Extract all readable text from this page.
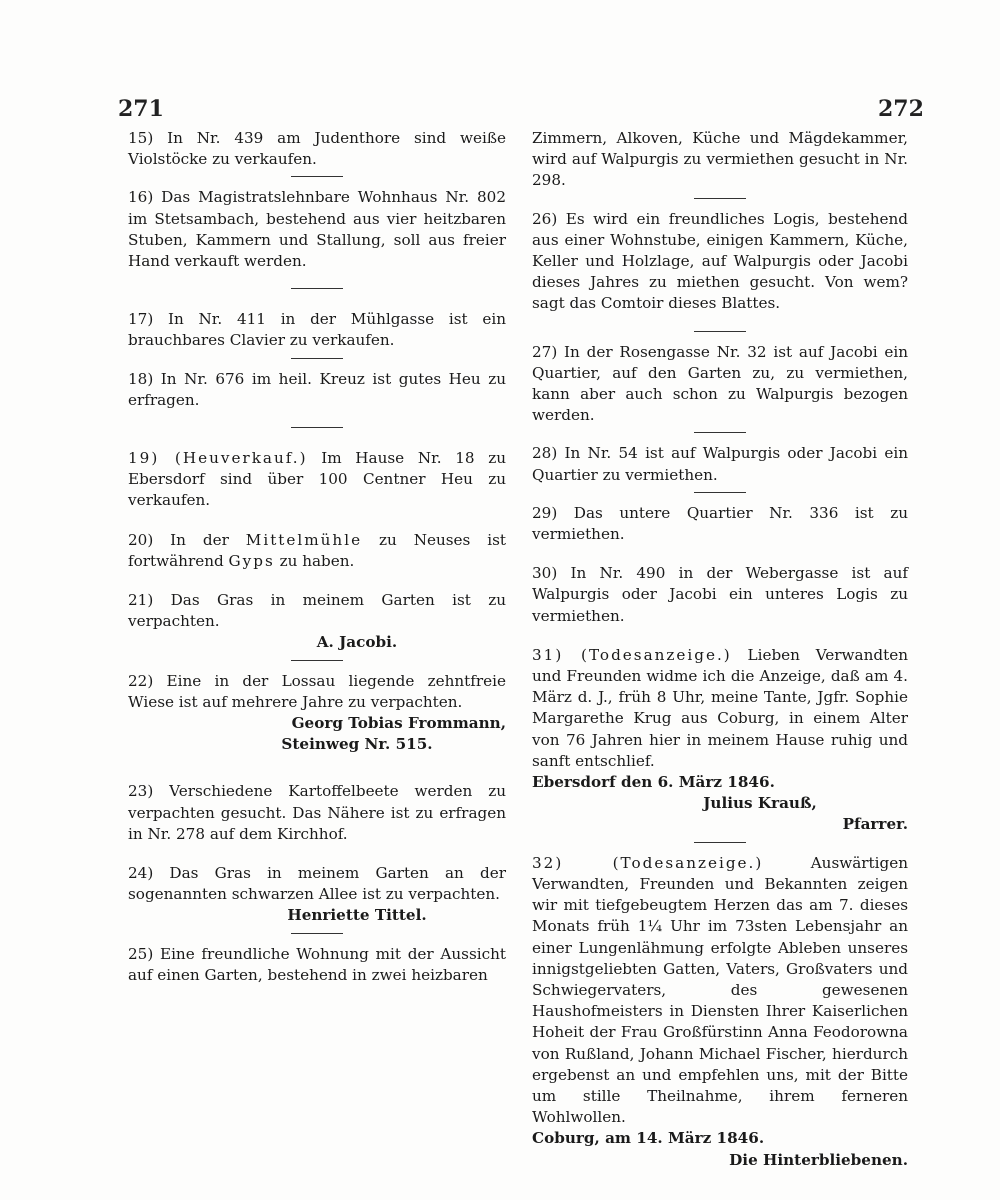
271	272

15) In Nr. 439 am Judenthore sind weiße Violstöcke zu verkaufen.

16) Das Magistratslehnbare Wohnhaus Nr. 802 im Stetsambach, bestehend aus vier heitzbaren Stuben, Kammern und Stallung, soll aus freier Hand verkauft werden.

17) In Nr. 411 in der Mühlgasse ist ein brauchbares Clavier zu verkaufen.

18) In Nr. 676 im heil. Kreuz ist gutes Heu zu erfragen.

19) (Heuverkauf.) Im Hause Nr. 18 zu Ebersdorf sind über 100 Centner Heu zu verkaufen.

20) In der Mittelmühle zu Neuses ist fortwährend Gyps zu haben.

21) Das Gras in meinem Garten ist zu verpachten.

A. Jacobi.

22) Eine in der Lossau liegende zehntfreie Wiese ist auf mehrere Jahre zu verpachten.

Georg Tobias Frommann,

Steinweg Nr. 515.

23) Verschiedene Kartoffelbeete werden zu verpachten gesucht. Das Nähere ist zu erfragen in Nr. 278 auf dem Kirchhof.

24) Das Gras in meinem Garten an der sogenannten schwarzen Allee ist zu verpachten.

Henriette Tittel.

25) Eine freundliche Wohnung mit der Aussicht auf einen Garten, bestehend in zwei heizbaren

Zimmern, Alkoven, Küche und Mägdekammer, wird auf Walpurgis zu vermiethen gesucht in Nr. 298.

26) Es wird ein freundliches Logis, bestehend aus einer Wohnstube, einigen Kammern, Küche, Keller und Holzlage, auf Walpurgis oder Jacobi dieses Jahres zu miethen gesucht. Von wem? sagt das Comtoir dieses Blattes.

27) In der Rosengasse Nr. 32 ist auf Jacobi ein Quartier, auf den Garten zu, zu vermiethen, kann aber auch schon zu Walpurgis bezogen werden.

28) In Nr. 54 ist auf Walpurgis oder Jacobi ein Quartier zu vermiethen.

29) Das untere Quartier Nr. 336 ist zu vermiethen.

30) In Nr. 490 in der Webergasse ist auf Walpurgis oder Jacobi ein unteres Logis zu vermiethen.

31) (Todesanzeige.) Lieben Verwandten und Freunden widme ich die Anzeige, daß am 4. März d. J., früh 8 Uhr, meine Tante, Jgfr. Sophie Margarethe Krug aus Coburg, in einem Alter von 76 Jahren hier in meinem Hause ruhig und sanft entschlief.

Ebersdorf den 6. März 1846.

Julius Krauß,

Pfarrer.

32) (Todesanzeige.)	Auswärtigen Verwandten, Freunden und Bekannten zeigen wir mit tiefgebeugtem Herzen das am 7. dieses Monats früh 1¼ Uhr im 73sten Lebensjahr an einer Lungenlähmung erfolgte Ableben unseres innigstgeliebten Gatten, Vaters, Großvaters und Schwiegervaters, des gewesenen Haushofmeisters in Diensten Ihrer Kaiserlichen Hoheit der Frau Großfürstinn Anna Feodorowna von Rußland, Johann Michael Fischer, hierdurch ergebenst an und empfehlen uns, mit der Bitte um stille Theilnahme, ihrem ferneren Wohlwollen.

Coburg, am 14. März 1846.

Die Hinterbliebenen.
